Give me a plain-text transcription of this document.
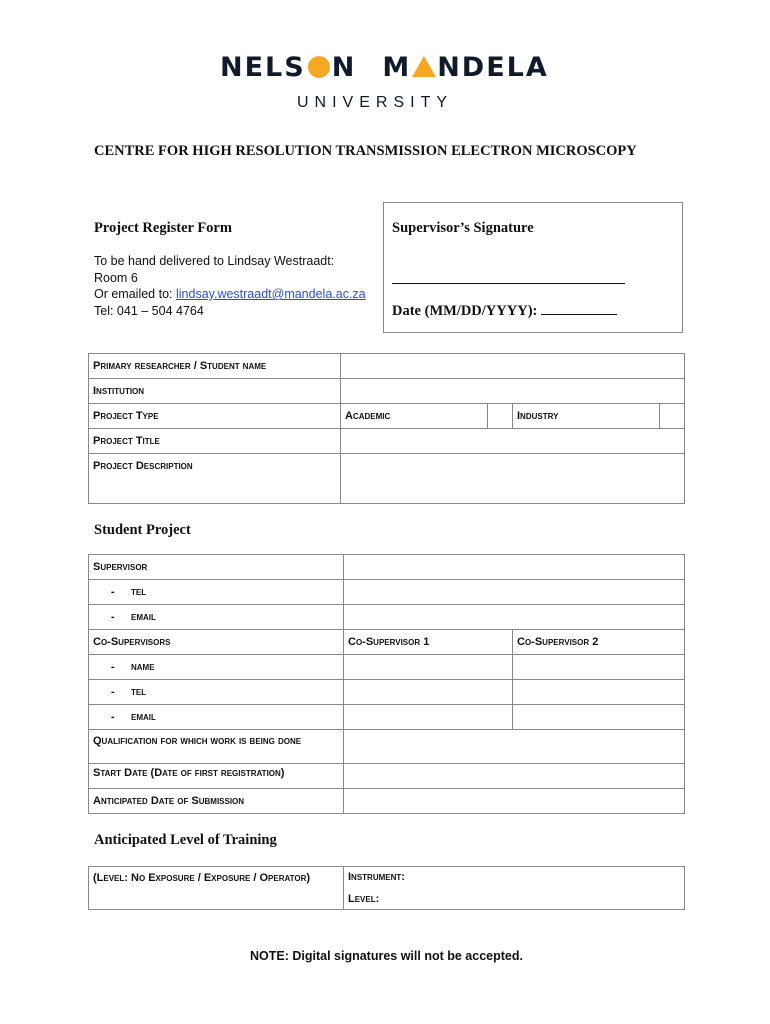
NELS N M NDELA
UNIVERSITY
CENTRE FOR HIGH RESOLUTION TRANSMISSION ELECTRON MICROSCOPY
Project Register Form
To be hand delivered to Lindsay Westraadt:
Room 6
Or emailed to: lindsay.westraadt@mandela.ac.za
Tel: 041 – 504 4764
Supervisor’s Signature
Date (MM/DD/YYYY):
Primary researcher / Student name				

Institution				

Project Type	Academic		Industry	

Project Title				

Project Description				

Student Project
Supervisor		

- tel		

- email		

Co-Supervisors	Co-Supervisor 1	Co-Supervisor 2

- name		

- tel		

- email		

Qualification for which work is being done		

Start Date (Date of first registration)		

Anticipated Date of Submission		

Anticipated Level of Training
(Level: No Exposure / Exposure / Operator)	Instrument:
Level:
NOTE: Digital signatures will not be accepted.
